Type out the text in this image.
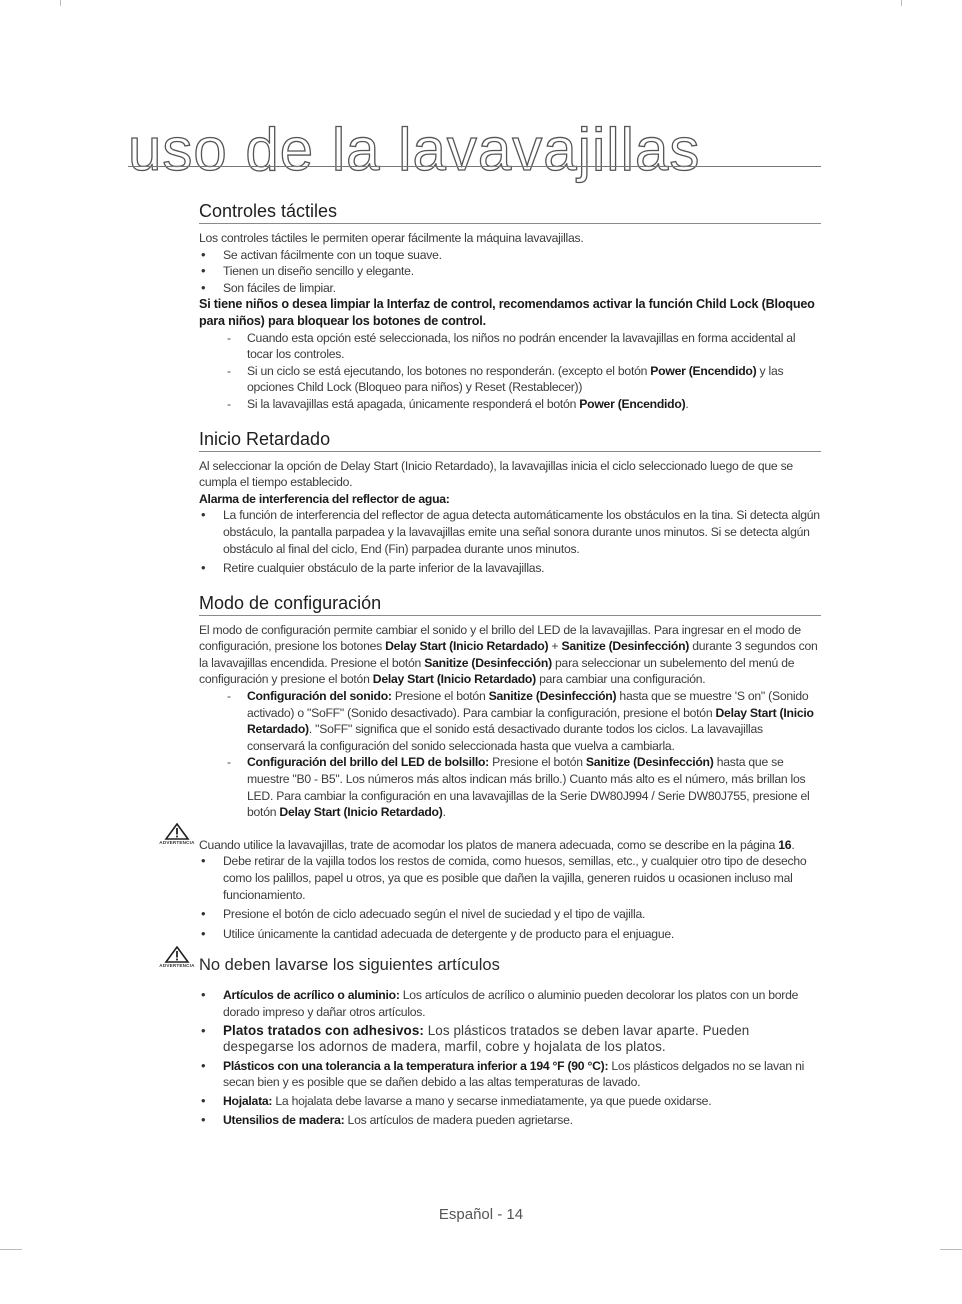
uso de la lavavajillas
Controles táctiles

Los controles táctiles le permiten operar fácilmente la máquina lavavajillas.

• Se activan fácilmente con un toque suave.
• Tienen un diseño sencillo y elegante.
• Son fáciles de limpiar.

Si tiene niños o desea limpiar la Interfaz de control, recomendamos activar la función Child Lock (Bloqueo para niños) para bloquear los botones de control.

- Cuando esta opción esté seleccionada, los niños no podrán encender la lavavajillas en forma accidental al tocar los controles.
- Si un ciclo se está ejecutando, los botones no responderán. (excepto el botón Power (Encendido) y las opciones Child Lock (Bloqueo para niños) y Reset (Restablecer))
- Si la lavavajillas está apagada, únicamente responderá el botón Power (Encendido).
Inicio Retardado

Al seleccionar la opción de Delay Start (Inicio Retardado), la lavavajillas inicia el ciclo seleccionado luego de que se cumpla el tiempo establecido.

Alarma de interferencia del reflector de agua:

• La función de interferencia del reflector de agua detecta automáticamente los obstáculos en la tina. Si detecta algún obstáculo, la pantalla parpadea y la lavavajillas emite una señal sonora durante unos minutos. Si se detecta algún obstáculo al final del ciclo, End (Fin) parpadea durante unos minutos.
• Retire cualquier obstáculo de la parte inferior de la lavavajillas.
Modo de configuración

El modo de configuración permite cambiar el sonido y el brillo del LED de la lavavajillas. Para ingresar en el modo de configuración, presione los botones Delay Start (Inicio Retardado) + Sanitize (Desinfección) durante 3 segundos con la lavavajillas encendida. Presione el botón Sanitize (Desinfección) para seleccionar un subelemento del menú de configuración y presione el botón Delay Start (Inicio Retardado) para cambiar una configuración.

- Configuración del sonido: Presione el botón Sanitize (Desinfección) hasta que se muestre 'S on" (Sonido activado) o "SoFF" (Sonido desactivado). Para cambiar la configuración, presione el botón Delay Start (Inicio Retardado). "SoFF" significa que el sonido está desactivado durante todos los ciclos. La lavavajillas conservará la configuración del sonido seleccionada hasta que vuelva a cambiarla.
- Configuración del brillo del LED de bolsillo: Presione el botón Sanitize (Desinfección) hasta que se muestre "B0 - B5". Los números más altos indican más brillo.) Cuanto más alto es el número, más brillan los LED. Para cambiar la configuración en una lavavajillas de la Serie DW80J994 / Serie DW80J755, presione el botón Delay Start (Inicio Retardado).
ADVERTENCIA Cuando utilice la lavavajillas, trate de acomodar los platos de manera adecuada, como se describe en la página 16.

• Debe retirar de la vajilla todos los restos de comida, como huesos, semillas, etc., y cualquier otro tipo de desecho como los palillos, papel u otros, ya que es posible que dañen la vajilla, generen ruidos u ocasionen incluso mal funcionamiento.
• Presione el botón de ciclo adecuado según el nivel de suciedad y el tipo de vajilla.
• Utilice únicamente la cantidad adecuada de detergente y de producto para el enjuague.
ADVERTENCIA No deben lavarse los siguientes artículos

• Artículos de acrílico o aluminio: Los artículos de acrílico o aluminio pueden decolorar los platos con un borde dorado impreso y dañar otros artículos.
• Platos tratados con adhesivos: Los plásticos tratados se deben lavar aparte. Pueden despegarse los adornos de madera, marfil, cobre y hojalata de los platos.
• Plásticos con una tolerancia a la temperatura inferior a 194 °F (90 °C): Los plásticos delgados no se lavan ni secan bien y es posible que se dañen debido a las altas temperaturas de lavado.
• Hojalata: La hojalata debe lavarse a mano y secarse inmediatamente, ya que puede oxidarse.
• Utensilios de madera: Los artículos de madera pueden agrietarse.
Español - 14
